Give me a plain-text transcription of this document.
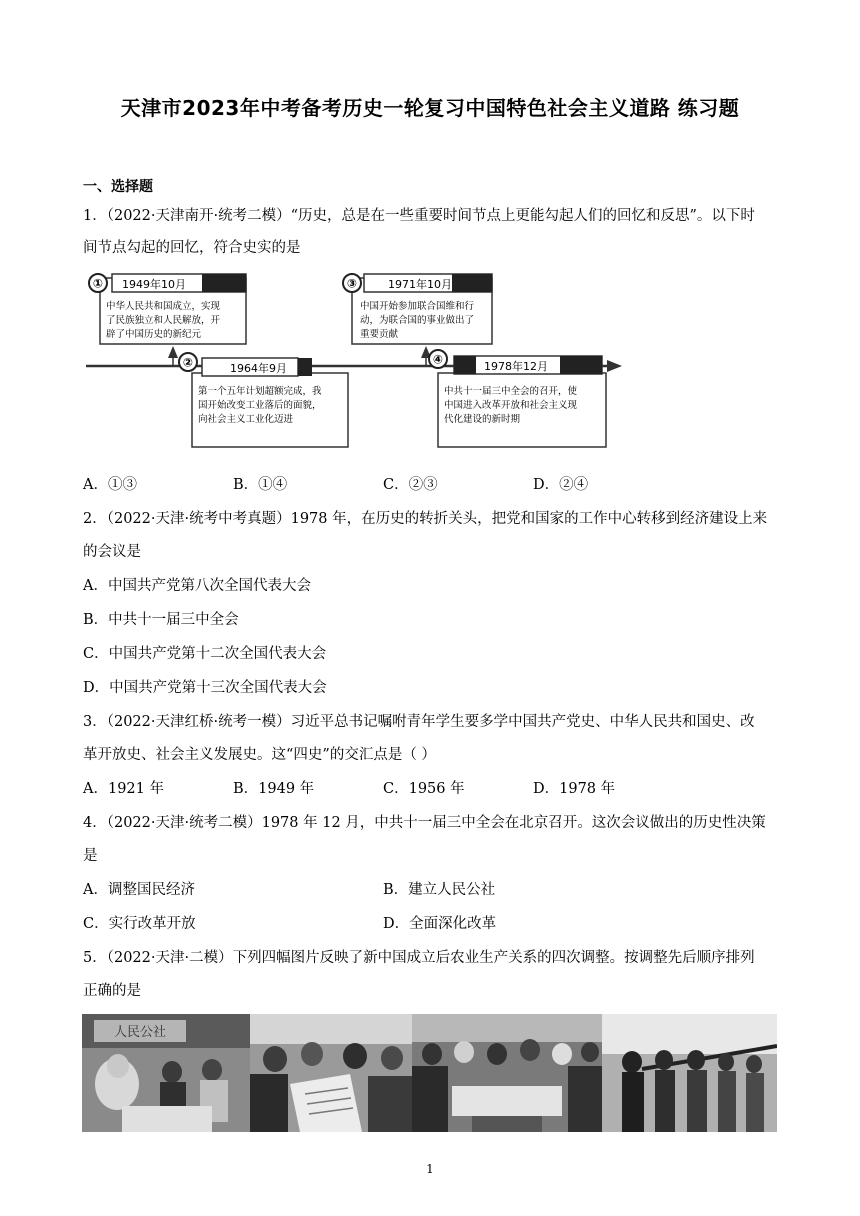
天津市2023年中考备考历史一轮复习中国特色社会主义道路 练习题
一、选择题
1．（2022·天津南开·统考二模）“历史，总是在一些重要时间节点上更能勾起人们的回忆和反思”。以下时
间节点勾起的回忆，符合史实的是
① 1949年10月
中华人民共和国成立，实现
了民族独立和人民解放，开
辟了中国历史的新纪元
③	1971年10月
中国开始参加联合国维和行
动，为联合国的事业做出了
重要贡献
②	1964年9月
第一个五年计划超额完成，我
国开始改变工业落后的面貌，
向社会主义工业化迈进
④	1978年12月
中共十一届三中全会的召开，使
中国进入改革开放和社会主义现
代化建设的新时期
A．①③	B．①④	C．②③	D．②④
2．（2022·天津·统考中考真题）1978 年，在历史的转折关头，把党和国家的工作中心转移到经济建设上来
的会议是
A．中国共产党第八次全国代表大会
B．中共十一届三中全会
C．中国共产党第十二次全国代表大会
D．中国共产党第十三次全国代表大会
3．（2022·天津红桥·统考一模）习近平总书记嘱咐青年学生要多学中国共产党史、中华人民共和国史、改
革开放史、社会主义发展史。这“四史”的交汇点是（ ）
A．1921 年	B．1949 年	C．1956 年	D．1978 年
4．（2022·天津·统考二模）1978 年 12 月，中共十一届三中全会在北京召开。这次会议做出的历史性决策
是
A．调整国民经济	B．建立人民公社
C．实行改革开放	D．全面深化改革
5．（2022·天津·二模）下列四幅图片反映了新中国成立后农业生产关系的四次调整。按调整先后顺序排列
正确的是
人民公社
1
